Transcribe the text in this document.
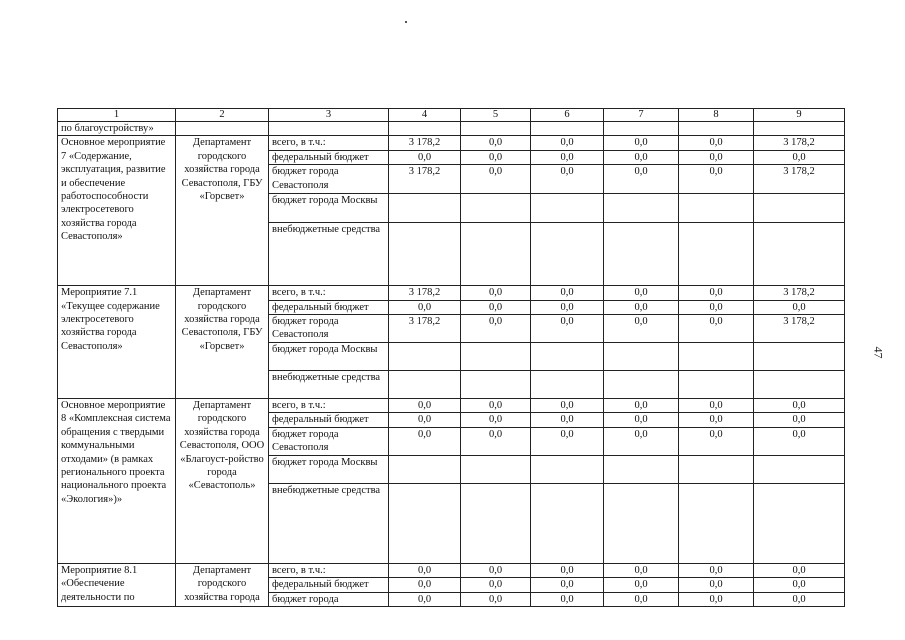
47
1	2	3	4	5	6	7	8	9
по благоустройству»								
Основное мероприятие 7 «Содержание, эксплуатация, развитие и обеспечение работоспособности электросетевого хозяйства города Севастополя»	Департамент городского хозяйства города Севастополя, ГБУ «Горсвет»	всего, в т.ч.:	3 178,2	0,0	0,0	0,0	0,0	3 178,2
		федеральный бюджет	0,0	0,0	0,0	0,0	0,0	0,0
		бюджет города Севастополя	3 178,2	0,0	0,0	0,0	0,0	3 178,2
		бюджет города Москвы						
		внебюджетные средства						
Мероприятие 7.1 «Текущее содержание электросетевого хозяйства города Севастополя»	Департамент городского хозяйства города Севастополя, ГБУ «Горсвет»	всего, в т.ч.:	3 178,2	0,0	0,0	0,0	0,0	3 178,2
		федеральный бюджет	0,0	0,0	0,0	0,0	0,0	0,0
		бюджет города Севастополя	3 178,2	0,0	0,0	0,0	0,0	3 178,2
		бюджет города Москвы						
		внебюджетные средства						
Основное мероприятие 8 «Комплексная система обращения с твердыми коммунальными отходами» (в рамках регионального проекта национального проекта «Экология»)»	Департамент городского хозяйства города Севастополя, ООО «Благоуст-ройство города «Севастополь»	всего, в т.ч.:	0,0	0,0	0,0	0,0	0,0	0,0
		федеральный бюджет	0,0	0,0	0,0	0,0	0,0	0,0
		бюджет города Севастополя	0,0	0,0	0,0	0,0	0,0	0,0
		бюджет города Москвы						
		внебюджетные средства						
Мероприятие 8.1 «Обеспечение деятельности по	Департамент городского хозяйства города	всего, в т.ч.:	0,0	0,0	0,0	0,0	0,0	0,0
		федеральный бюджет	0,0	0,0	0,0	0,0	0,0	0,0
		бюджет города	0,0	0,0	0,0	0,0	0,0	0,0
